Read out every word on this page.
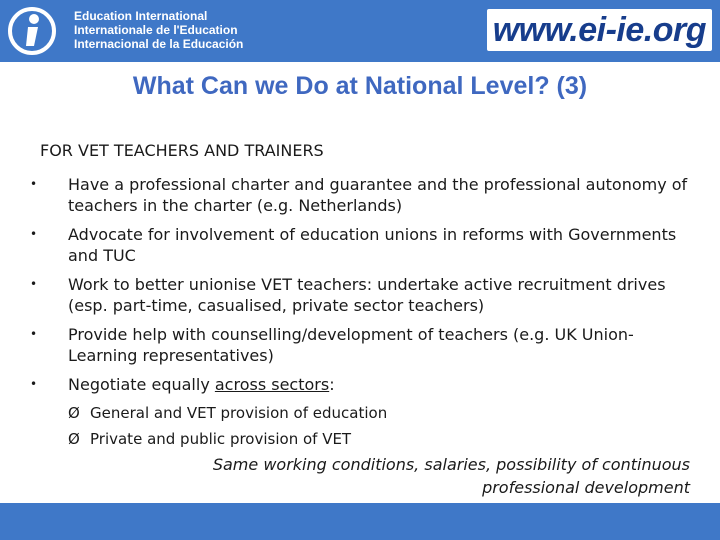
Education International
Internationale de l'Education
Internacional de la Educación	www.ei-ie.org
What Can we Do at National Level? (3)
FOR VET TEACHERS AND TRAINERS
• Have a professional charter and guarantee and the professional autonomy of teachers in the charter (e.g. Netherlands)
• Advocate for involvement of education unions in reforms with Governments and TUC
• Work to better unionise VET teachers: undertake active recruitment drives (esp. part-time, casualised, private sector teachers)
• Provide help with counselling/development of teachers (e.g. UK Union-Learning representatives)
• Negotiate equally across sectors:
Ø General and VET provision of education
Ø Private and public provision of VET
Same working conditions, salaries, possibility of continuous professional development
